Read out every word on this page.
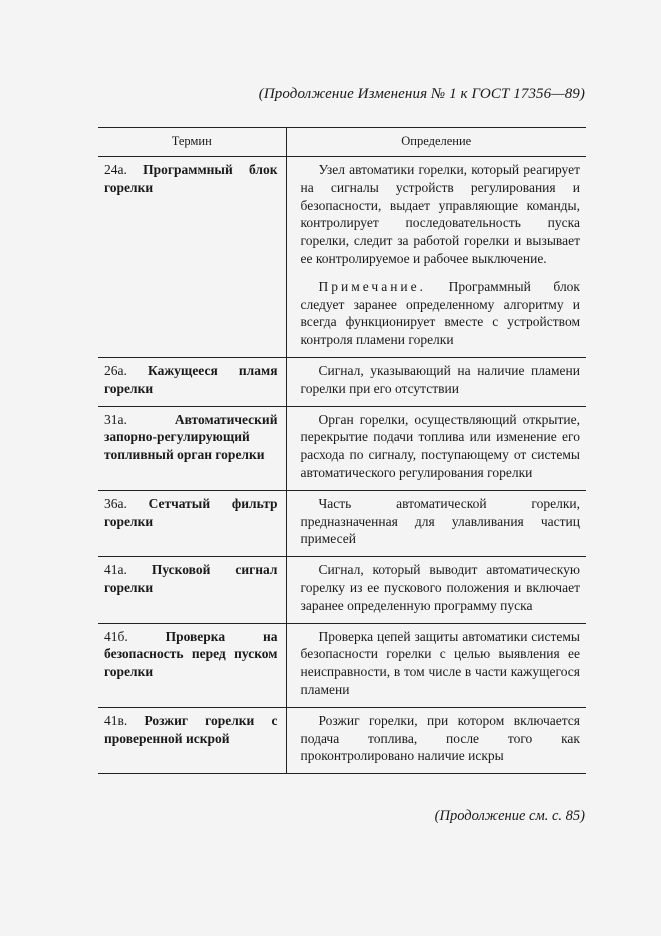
(Продолжение Изменения № 1 к ГОСТ 17356—89)
Термин	Определение
24а. Программный блок горелки	Узел автоматики горелки, который реагирует на сигналы устройств регулирования и безопасности, выдает управляющие команды, контролирует последовательность пуска горелки, следит за работой горелки и вызывает ее контролируемое и рабочее выключение.
Примечание. Программный блок следует заранее определенному алгоритму и всегда функционирует вместе с устройством контроля пламени горелки

26а. Кажущееся пламя горелки	Сигнал, указывающий на наличие пламени горелки при его отсутствии
31а. Автоматический запорно-регулирующий топливный орган горелки	Орган горелки, осуществляющий открытие, перекрытие подачи топлива или изменение его расхода по сигналу, поступающему от системы автоматического регулирования горелки
36а. Сетчатый фильтр горелки	Часть автоматической горелки, предназначенная для улавливания частиц примесей
41а. Пусковой сигнал горелки	Сигнал, который выводит автоматическую горелку из ее пускового положения и включает заранее определенную программу пуска
41б. Проверка на безопасность перед пуском горелки	Проверка цепей защиты автоматики системы безопасности горелки с целью выявления ее неисправности, в том числе в части кажущегося пламени
41в. Розжиг горелки с проверенной искрой	Розжиг горелки, при котором включается подача топлива, после того как проконтролировано наличие искры
(Продолжение см. с. 85)
